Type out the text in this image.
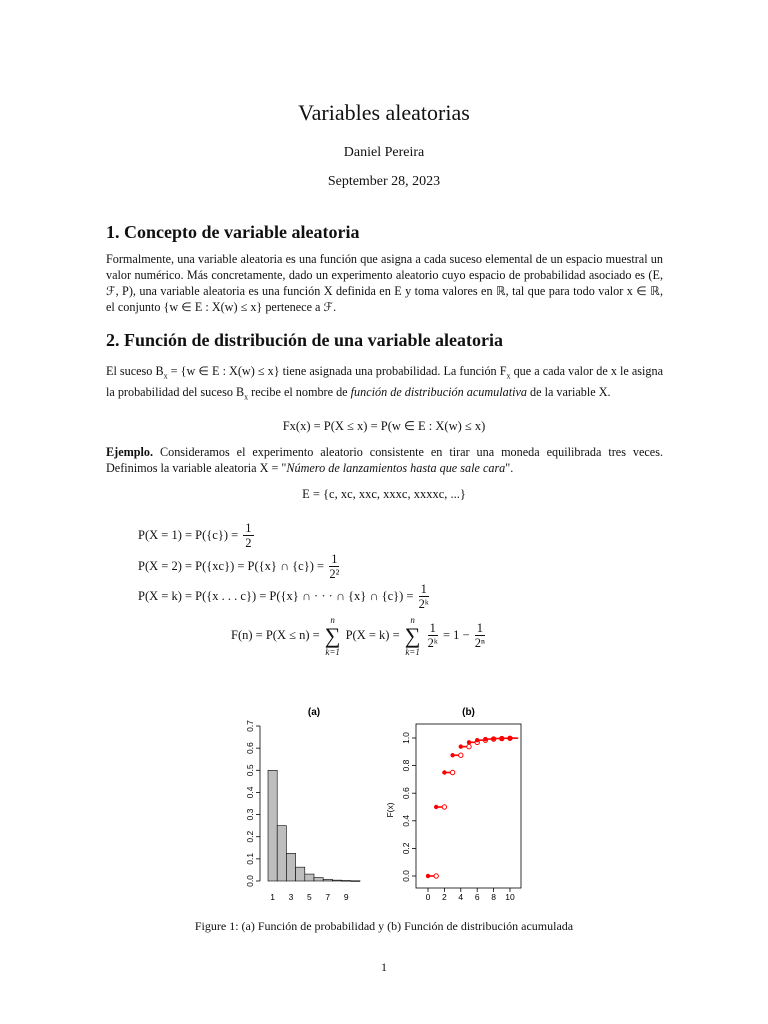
Variables aleatorias
Daniel Pereira
September 28, 2023
1. Concepto de variable aleatoria
Formalmente, una variable aleatoria es una función que asigna a cada suceso elemental de un espacio muestral un valor numérico. Más concretamente, dado un experimento aleatorio cuyo espacio de probabilidad asociado es (E, ℱ, P), una variable aleatoria es una función X definida en E y toma valores en ℝ, tal que para todo valor x ∈ ℝ, el conjunto {w ∈ E : X(w) ≤ x} pertenece a ℱ.
2. Función de distribución de una variable aleatoria
El suceso $B_x = \{w$ ∈ E : X(w) ≤ x} tiene asignada una probabilidad. La función $F_x$ que a cada valor de x le asigna la probabilidad del suceso $B_x$ recibe el nombre de función de distribución acumulativa de la variable X.
Fx(x) = P(X ≤ x) = P(w ∈ E : X(w) ≤ x)
Ejemplo. Consideramos el experimento aleatorio consistente en tirar una moneda equilibrada tres veces. Definimos la variable aleatoria X = "Número de lanzamientos hasta que sale cara".
E = {c, xc, xxc, xxxc, xxxxc, ...}
$P(X = 1) = P(\{c\}) = \frac{1}{2}$
P(X = 2) = P({xc}) = P({x} ∩ $\{c\}) = \frac{1}{\text{2²}}$
P(X = k) = P({x . . . c}) = P({x} ∩ · · · ∩ {x} ∩ $\{c\}) = \frac{1}{\text{2ᵏ}}$
F(n) = P(X ≤ n) =
n
∑
k=1
P(X = k) =
n
∑
k=1

$\frac{1}{\text{2ᵏ}} = 1 - \frac{1}{\text{2ⁿ}}$
(a)
0.0
0.1
0.2
0.3
0.4
0.5
0.6
0.7
1 3 5 7 9
(b)
0.0
0.2
0.4
0.6
0.8
1.0
F(x)
0 2 4 6 8 10
Figure 1: (a) Función de probabilidad y (b) Función de distribución acumulada
1
